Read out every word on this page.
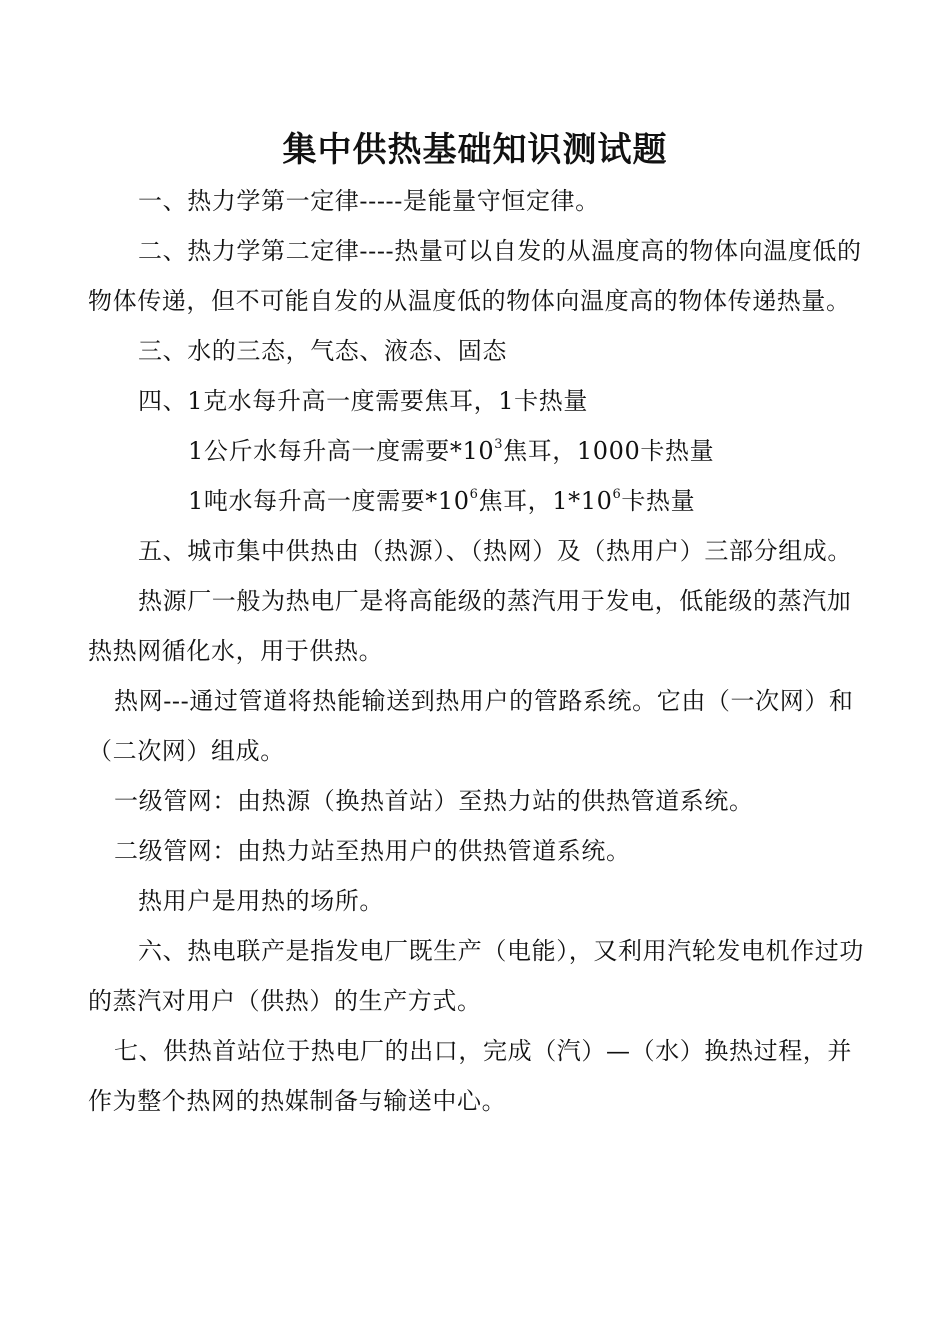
集中供热基础知识测试题

一、热力学第一定律-----是能量守恒定律。

二、热力学第二定律----热量可以自发的从温度高的物体向温度低的物体传递，但不可能自发的从温度低的物体向温度高的物体传递热量。

三、水的三态，气态、液态、固态

四、1克水每升高一度需要焦耳，1卡热量

1公斤水每升高一度需要$*10^3$焦耳，1000卡热量

1吨水每升高一度需要$*10^6$焦耳，$1*10^6$卡热量

五、城市集中供热由（热源）、（热网）及（热用户）三部分组成。

热源厂一般为热电厂是将高能级的蒸汽用于发电，低能级的蒸汽加热热网循化水，用于供热。

热网---通过管道将热能输送到热用户的管路系统。它由（一次网）和（二次网）组成。

一级管网：由热源（换热首站）至热力站的供热管道系统。

二级管网：由热力站至热用户的供热管道系统。

热用户是用热的场所。

六、热电联产是指发电厂既生产（电能），又利用汽轮发电机作过功的蒸汽对用户（供热）的生产方式。

七、供热首站位于热电厂的出口，完成（汽）—（水）换热过程，并作为整个热网的热媒制备与输送中心。
